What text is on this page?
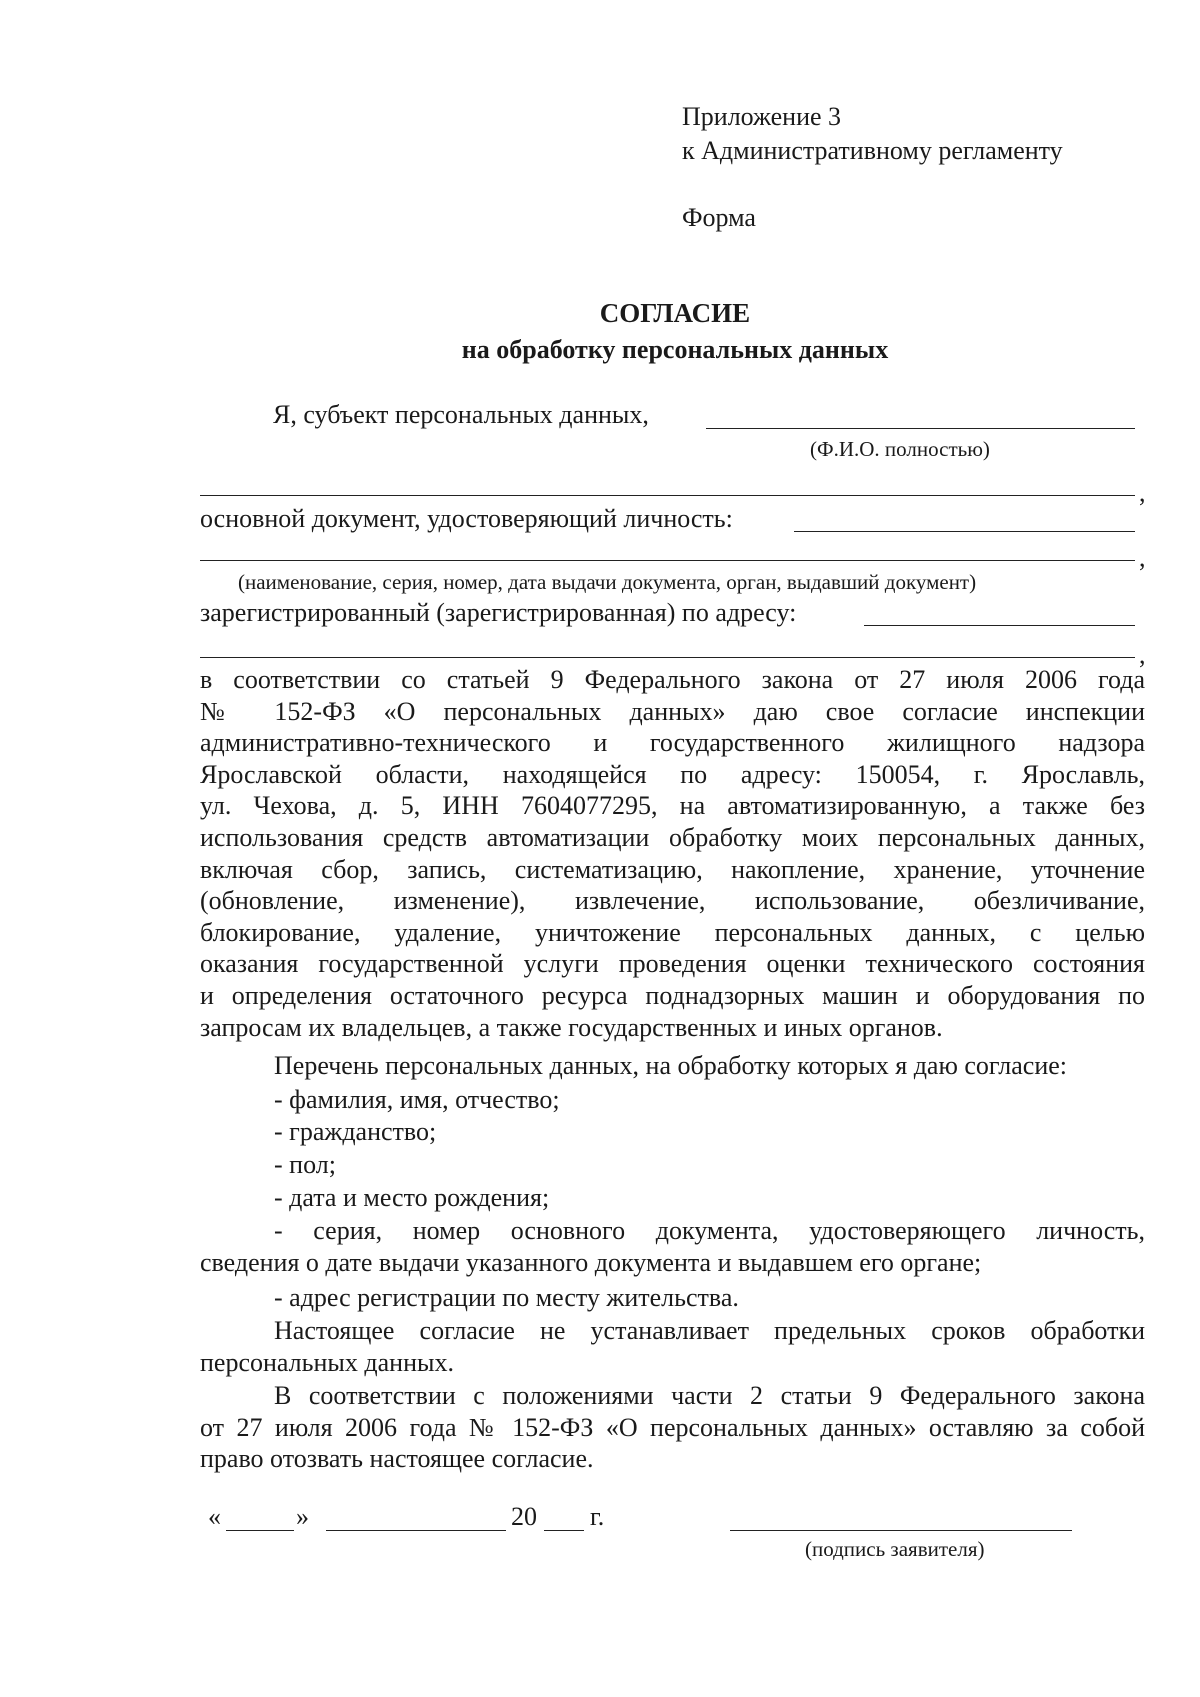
Приложение 3
к Административному регламенту
Форма
СОГЛАСИЕ
на обработку персональных данных
Я, субъект персональных данных,
(Ф.И.О. полностью)
,
основной документ, удостоверяющий личность:
,
(наименование, серия, номер, дата выдачи документа, орган, выдавший документ)
зарегистрированный (зарегистрированная) по адресу:
,
в соответствии со статьей 9 Федерального закона от 27 июля 2006 года
№ 152-ФЗ «О персональных данных» даю свое согласие инспекции
административно-технического и государственного жилищного надзора
Ярославской области, находящейся по адресу: 150054, г. Ярославль,
ул. Чехова, д. 5, ИНН 7604077295, на автоматизированную, а также без
использования средств автоматизации обработку моих персональных данных,
включая сбор, запись, систематизацию, накопление, хранение, уточнение
(обновление, изменение), извлечение, использование, обезличивание,
блокирование, удаление, уничтожение персональных данных, с целью
оказания государственной услуги проведения оценки технического состояния
и определения остаточного ресурса поднадзорных машин и оборудования по
запросам их владельцев, а также государственных и иных органов.
Перечень персональных данных, на обработку которых я даю согласие:
- фамилия, имя, отчество;
- гражданство;
- пол;
- дата и место рождения;
- серия, номер основного документа, удостоверяющего личность,
сведения о дате выдачи указанного документа и выдавшем его органе;
- адрес регистрации по месту жительства.
Настоящее согласие не устанавливает предельных сроков обработки
персональных данных.
В соответствии с положениями части 2 статьи 9 Федерального закона
от 27 июля 2006 года № 152-ФЗ «О персональных данных» оставляю за собой
право отозвать настоящее согласие.
«	»	20 г.
(подпись заявителя)
